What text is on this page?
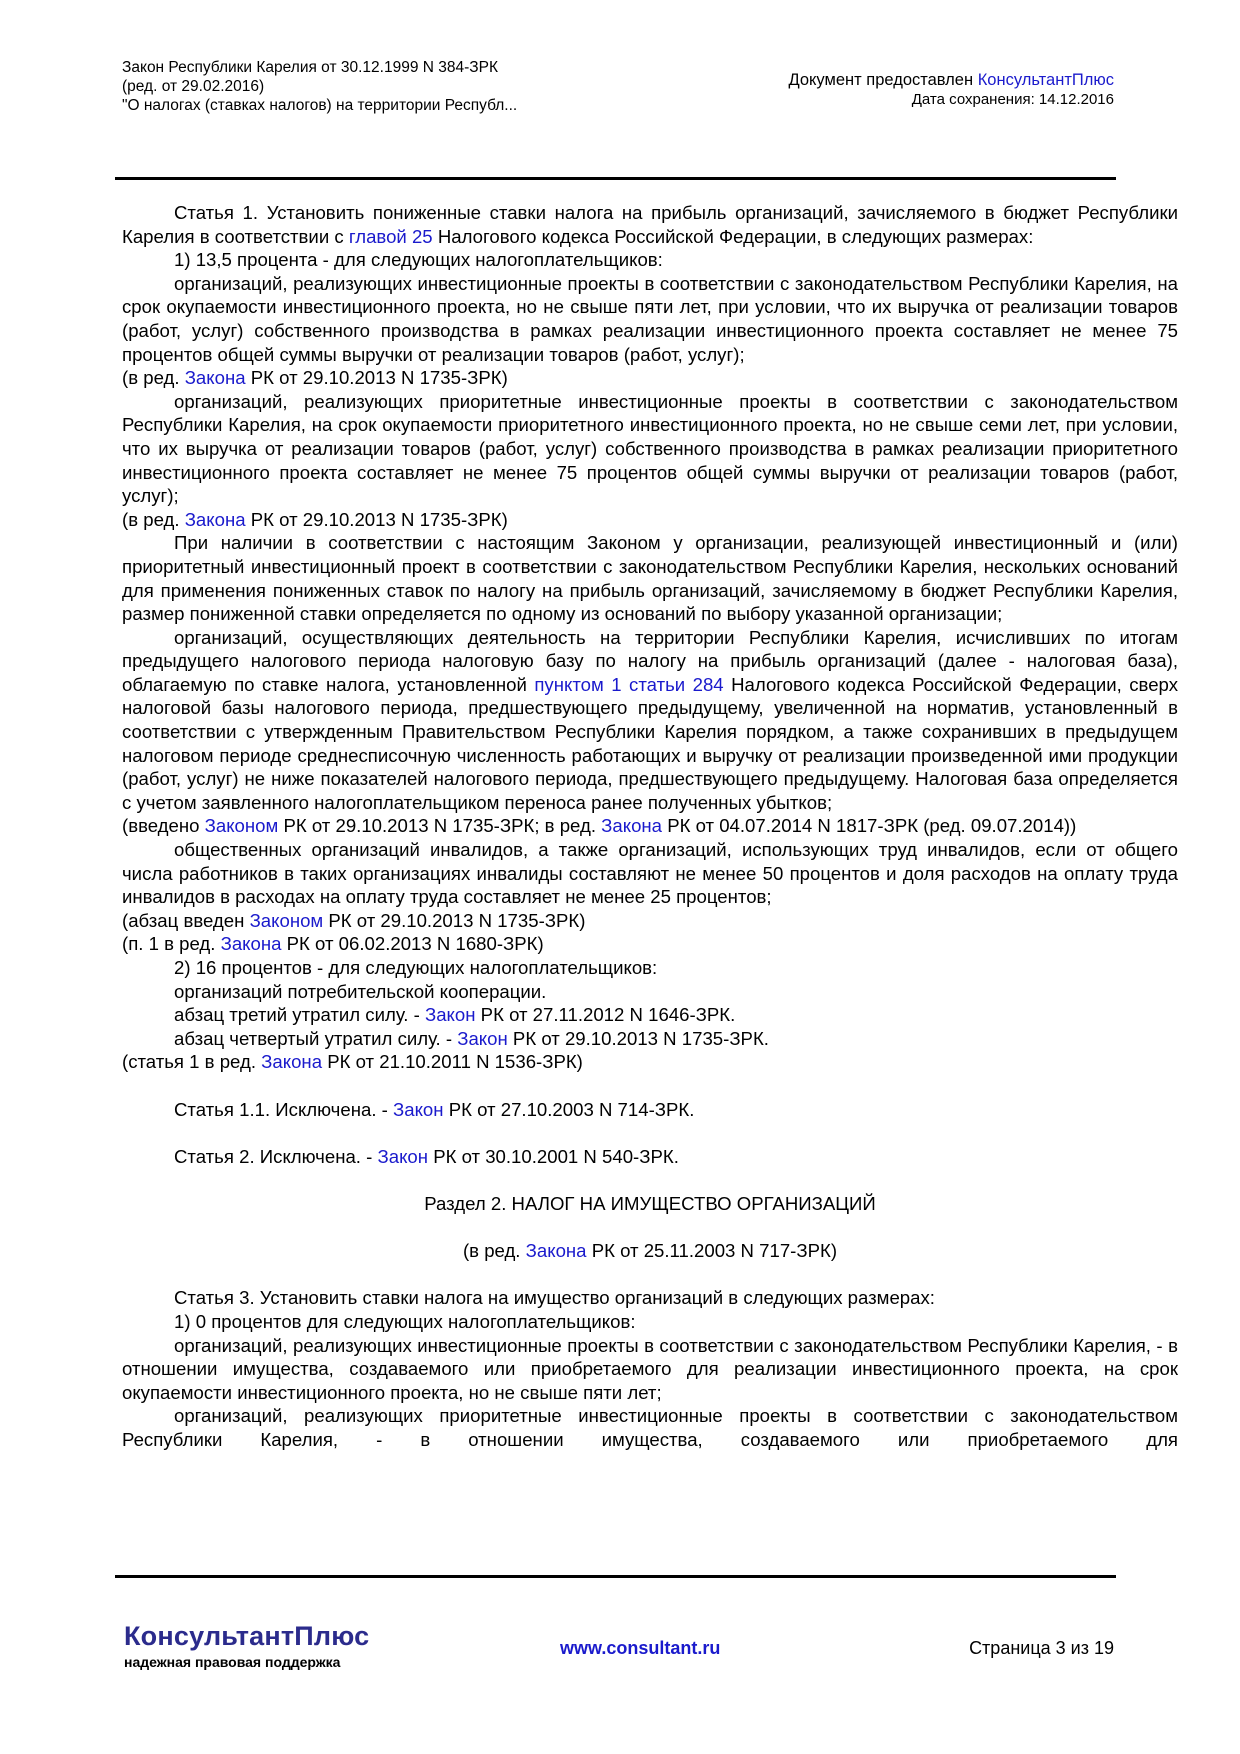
Закон Республики Карелия от 30.12.1999 N 384-ЗРК
(ред. от 29.02.2016)
"О налогах (ставках налогов) на территории Республ...
Документ предоставлен КонсультантПлюс
Дата сохранения: 14.12.2016

Статья 1. Установить пониженные ставки налога на прибыль организаций, зачисляемого в бюджет Республики Карелия в соответствии с главой 25 Налогового кодекса Российской Федерации, в следующих размерах:

1) 13,5 процента - для следующих налогоплательщиков:

организаций, реализующих инвестиционные проекты в соответствии с законодательством Республики Карелия, на срок окупаемости инвестиционного проекта, но не свыше пяти лет, при условии, что их выручка от реализации товаров (работ, услуг) собственного производства в рамках реализации инвестиционного проекта составляет не менее 75 процентов общей суммы выручки от реализации товаров (работ, услуг);

(в ред. Закона РК от 29.10.2013 N 1735-ЗРК)

организаций, реализующих приоритетные инвестиционные проекты в соответствии с законодательством Республики Карелия, на срок окупаемости приоритетного инвестиционного проекта, но не свыше семи лет, при условии, что их выручка от реализации товаров (работ, услуг) собственного производства в рамках реализации приоритетного инвестиционного проекта составляет не менее 75 процентов общей суммы выручки от реализации товаров (работ, услуг);

(в ред. Закона РК от 29.10.2013 N 1735-ЗРК)

При наличии в соответствии с настоящим Законом у организации, реализующей инвестиционный и (или) приоритетный инвестиционный проект в соответствии с законодательством Республики Карелия, нескольких оснований для применения пониженных ставок по налогу на прибыль организаций, зачисляемому в бюджет Республики Карелия, размер пониженной ставки определяется по одному из оснований по выбору указанной организации;

организаций, осуществляющих деятельность на территории Республики Карелия, исчисливших по итогам предыдущего налогового периода налоговую базу по налогу на прибыль организаций (далее - налоговая база), облагаемую по ставке налога, установленной пунктом 1 статьи 284 Налогового кодекса Российской Федерации, сверх налоговой базы налогового периода, предшествующего предыдущему, увеличенной на норматив, установленный в соответствии с утвержденным Правительством Республики Карелия порядком, а также сохранивших в предыдущем налоговом периоде среднесписочную численность работающих и выручку от реализации произведенной ими продукции (работ, услуг) не ниже показателей налогового периода, предшествующего предыдущему. Налоговая база определяется с учетом заявленного налогоплательщиком переноса ранее полученных убытков;

(введено Законом РК от 29.10.2013 N 1735-ЗРК; в ред. Закона РК от 04.07.2014 N 1817-ЗРК (ред. 09.07.2014))

общественных организаций инвалидов, а также организаций, использующих труд инвалидов, если от общего числа работников в таких организациях инвалиды составляют не менее 50 процентов и доля расходов на оплату труда инвалидов в расходах на оплату труда составляет не менее 25 процентов;

(абзац введен Законом РК от 29.10.2013 N 1735-ЗРК)

(п. 1 в ред. Закона РК от 06.02.2013 N 1680-ЗРК)

2) 16 процентов - для следующих налогоплательщиков:

организаций потребительской кооперации.

абзац третий утратил силу. - Закон РК от 27.11.2012 N 1646-ЗРК.

абзац четвертый утратил силу. - Закон РК от 29.10.2013 N 1735-ЗРК.

(статья 1 в ред. Закона РК от 21.10.2011 N 1536-ЗРК)

Статья 1.1. Исключена. - Закон РК от 27.10.2003 N 714-ЗРК.

Статья 2. Исключена. - Закон РК от 30.10.2001 N 540-ЗРК.

Раздел 2. НАЛОГ НА ИМУЩЕСТВО ОРГАНИЗАЦИЙ

(в ред. Закона РК от 25.11.2003 N 717-ЗРК)

Статья 3. Установить ставки налога на имущество организаций в следующих размерах:

1) 0 процентов для следующих налогоплательщиков:

организаций, реализующих инвестиционные проекты в соответствии с законодательством Республики Карелия, - в отношении имущества, создаваемого или приобретаемого для реализации инвестиционного проекта, на срок окупаемости инвестиционного проекта, но не свыше пяти лет;

организаций, реализующих приоритетные инвестиционные проекты в соответствии с законодательством Республики Карелия, - в отношении имущества, создаваемого или приобретаемого для

КонсультантПлюс
надежная правовая поддержка
www.consultant.ru	Страница 3 из 19
